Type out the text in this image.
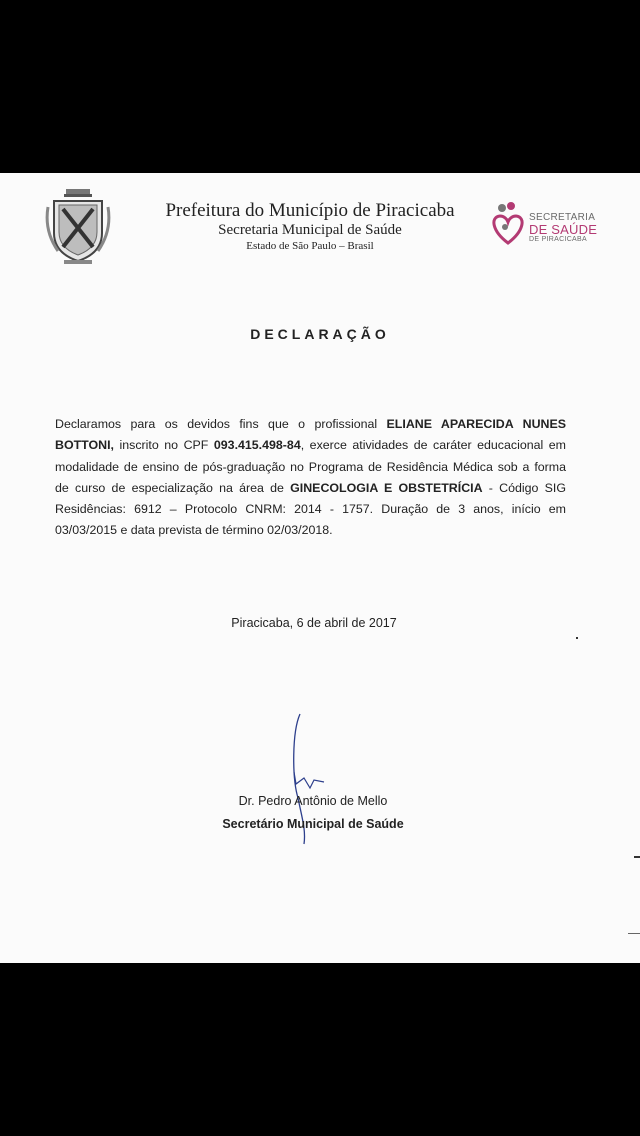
Prefeitura do Município de Piracicaba
Secretaria Municipal de Saúde
Estado de São Paulo – Brasil
SECRETARIA
DE SAÚDE
DE PIRACICABA
DECLARAÇÃO
Declaramos para os devidos fins que o profissional ELIANE APARECIDA NUNES BOTTONI, inscrito no CPF 093.415.498-84, exerce atividades de caráter educacional em modalidade de ensino de pós-graduação no Programa de Residência Médica sob a forma de curso de especialização na área de GINECOLOGIA E OBSTETRÍCIA - Código SIG Residências: 6912 – Protocolo CNRM: 2014 - 1757. Duração de 3 anos, início em 03/03/2015 e data prevista de término 02/03/2018.
Piracicaba, 6 de abril de 2017
Dr. Pedro Antônio de Mello
Secretário Municipal de Saúde
